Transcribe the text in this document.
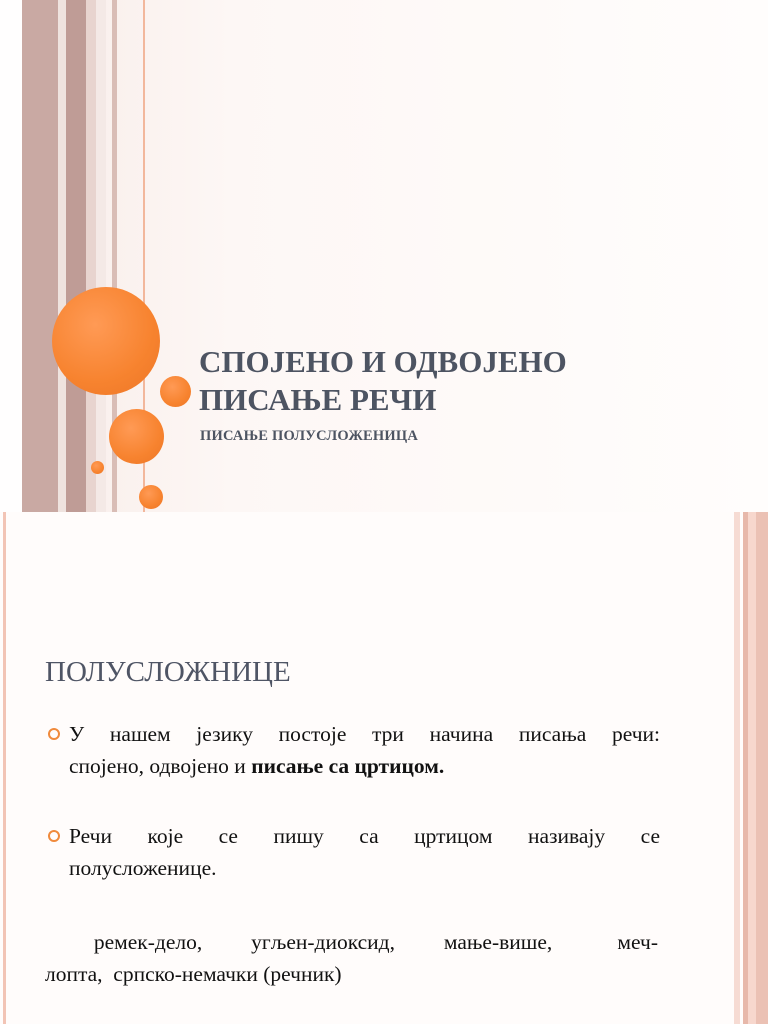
СПОЈЕНО И ОДВОЈЕНО
ПИСАЊЕ РЕЧИ

ПИСАЊЕ ПОЛУСЛОЖЕНИЦА

ПОЛУСЛОЖНИЦЕ
У нашем језику постоје три начина писања речи:
спојено, одвојено и писање са цртицом.
Речи које се пишу са цртицом називају се
полусложенице.
ремек-дело,   угљен-диоксид,   мање-више,    меч-
лопта,  српско-немачки (речник)
